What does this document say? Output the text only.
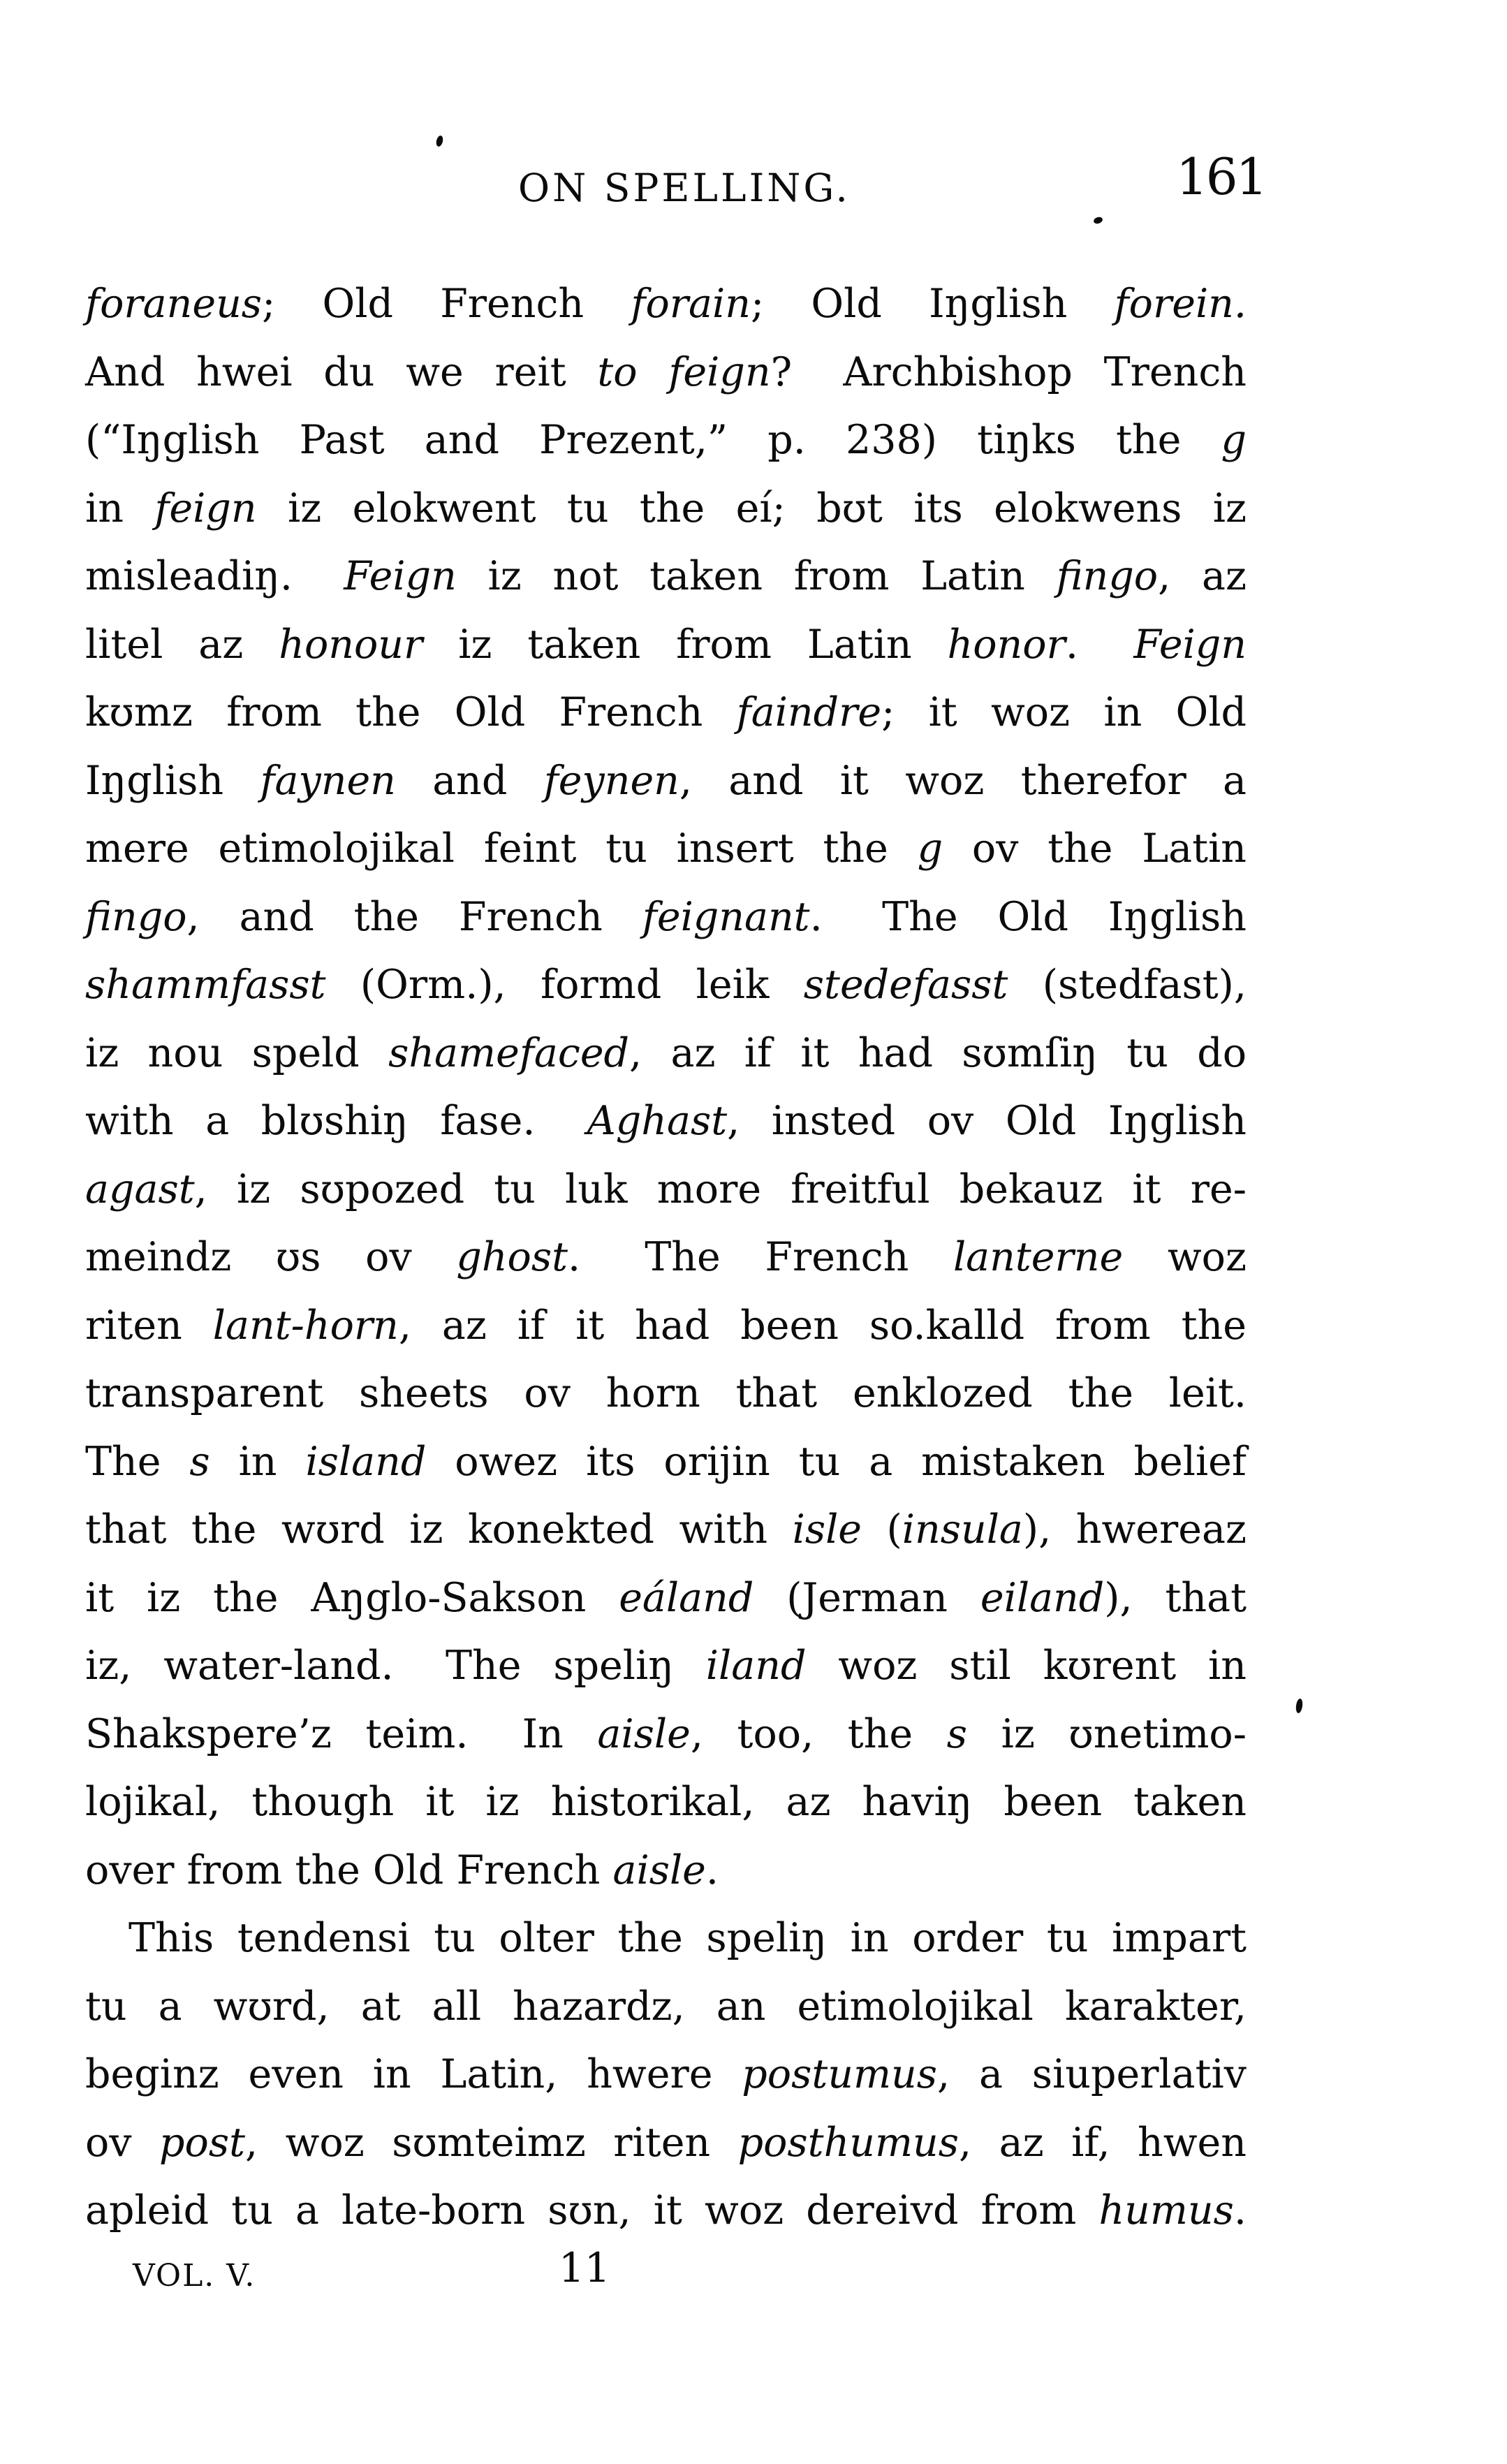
ON SPELLING.	161
foraneus; Old French forain; Old Iŋglish forein.
And hwei du we reit to feign?  Archbishop Trench
(“Iŋglish Past and Prezent,” p. 238) tiŋks the g
in feign iz elokwent tu the eí; bʊt its elokwens iz
misleadiŋ.  Feign iz not taken from Latin fingo, az
litel az honour iz taken from Latin honor.  Feign
kʊmz from the Old French faindre; it woz in Old
Iŋglish faynen and feynen, and it woz therefor a
mere etimolojikal feint tu insert the g ov the Latin
fingo, and the French feignant.  The Old Iŋglish
shammfasst (Orm.), formd leik stedefasst (stedfast),
iz nou speld shamefaced, az if it had sʊmſiŋ tu do
with a blʊshiŋ fase.  Aghast, insted ov Old Iŋglish
agast, iz sʊpozed tu luk more freitful bekauz it re-
meindz ʊs ov ghost.  The French lanterne woz
riten lant-horn, az if it had been so.kalld from the
transparent sheets ov horn that enklozed the leit.
The s in island owez its orijin tu a mistaken belief
that the wʊrd iz konekted with isle (insula), hwereaz
it iz the Aŋglo-Sakson eáland (Jerman eiland), that
iz, water-land.  The speliŋ iland woz stil kʊrent in
Shakspere’z teim.  In aisle, too, the s iz ʊnetimo-
lojikal, though it iz historikal, az haviŋ been taken
over from the Old French aisle.
This tendensi tu olter the speliŋ in order tu impart
tu a wʊrd, at all hazardz, an etimolojikal karakter,
beginz even in Latin, hwere postumus, a siuperlativ
ov post, woz sʊmteimz riten posthumus, az if, hwen
apleid tu a late-born sʊn, it woz dereivd from humus.
VOL. V.	11
